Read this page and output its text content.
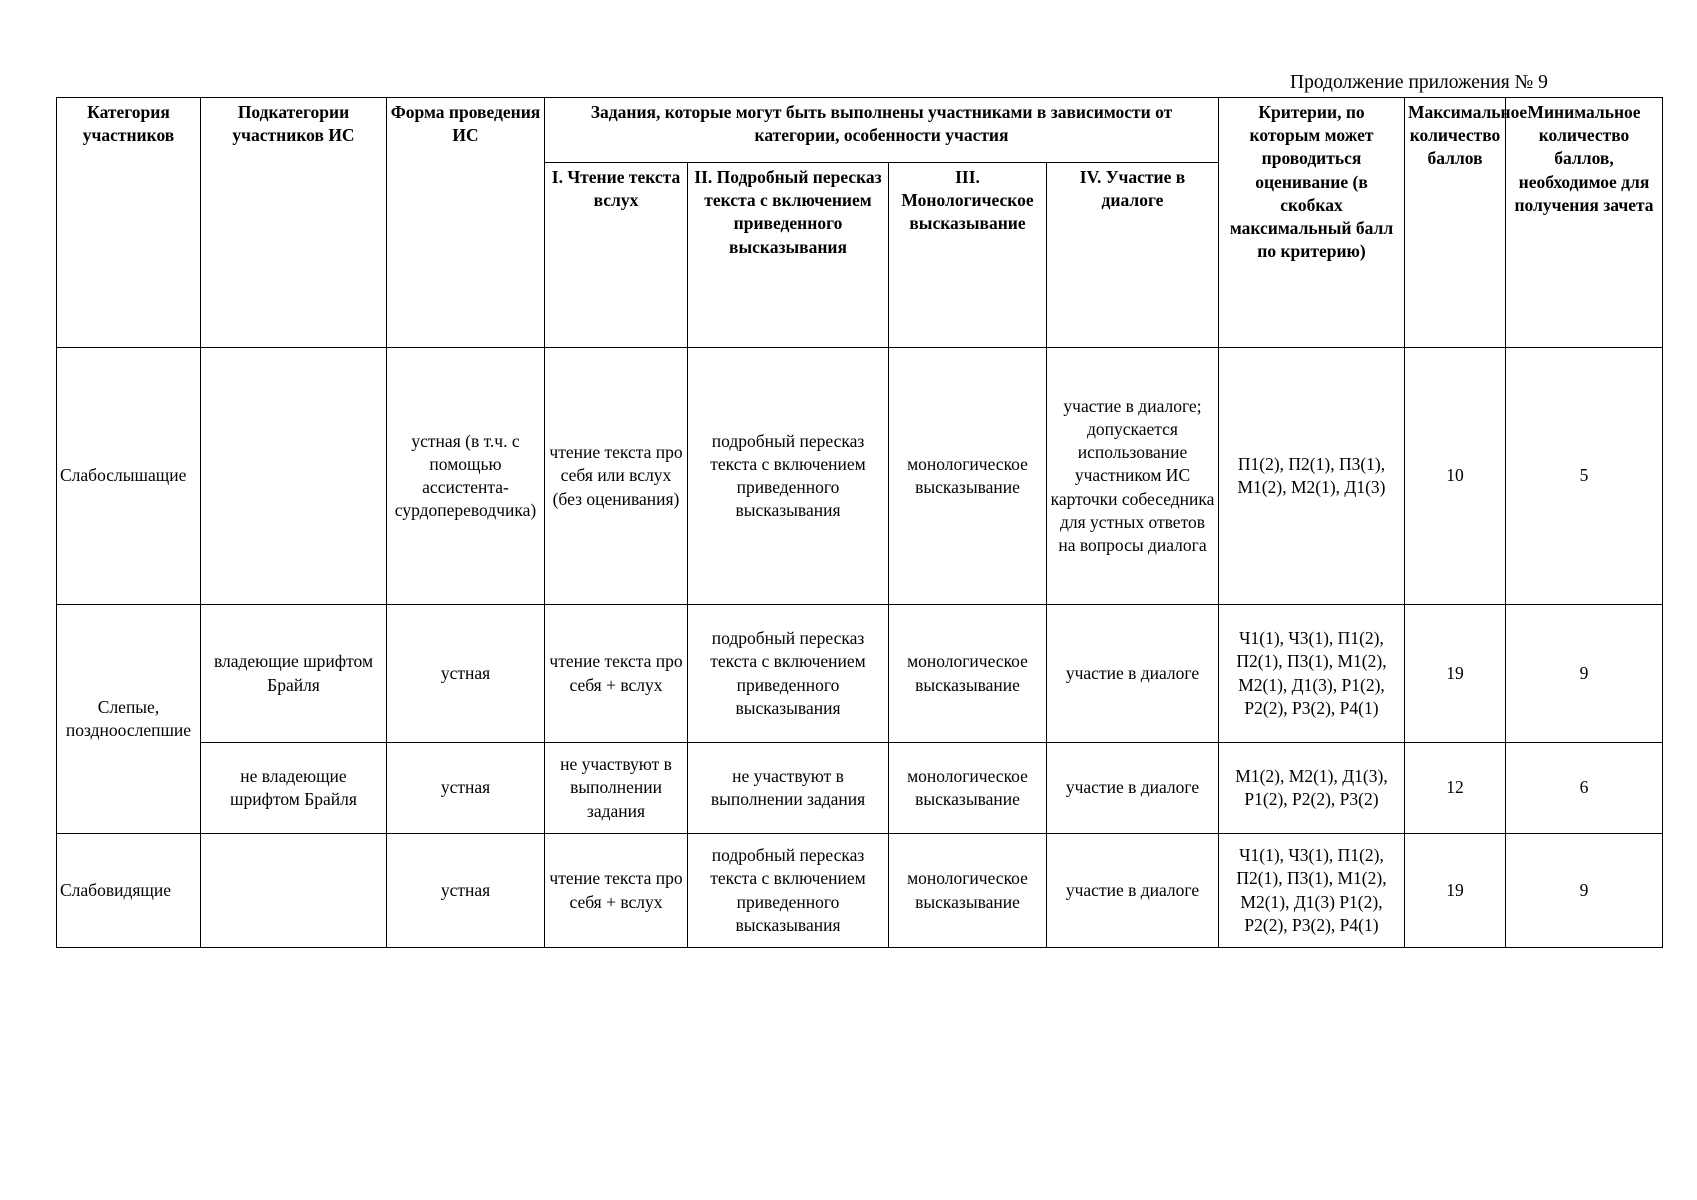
Продолжение приложения № 9
Категория участников	Подкатегории участников ИС	Форма проведения ИС	Задания, которые могут быть выполнены участниками в зависимости от категории, особенности участия				Критерии, по которым может проводиться оценивание (в скобках максимальный балл по критерию)	Максимальное количество баллов	Минимальное количество баллов, необходимое для получения зачета
			I. Чтение текста вслух	II. Подробный пересказ текста с включением приведенного высказывания	III. Монологическое высказывание	IV. Участие в диалоге			
Слабослышащие		устная (в т.ч. с помощью ассистента-сурдопереводчика)	чтение текста про себя или вслух (без оценивания)	подробный пересказ текста с включением приведенного высказывания	монологическое высказывание	участие в диалоге; допускается использование участником ИС карточки собеседника для устных ответов на вопросы диалога	П1(2), П2(1), П3(1), М1(2), М2(1), Д1(3)	10	5
Слепые, поздноослепшие	владеющие шрифтом Брайля	устная	чтение текста про себя + вслух	подробный пересказ текста с включением приведенного высказывания	монологическое высказывание	участие в диалоге	Ч1(1), Ч3(1), П1(2), П2(1), П3(1), М1(2), М2(1), Д1(3), Р1(2), Р2(2), Р3(2), Р4(1)	19	9
	не владеющие шрифтом Брайля	устная	не участвуют в выполнении задания	не участвуют в выполнении задания	монологическое высказывание	участие в диалоге	М1(2), М2(1), Д1(3), Р1(2), Р2(2), Р3(2)	12	6
Слабовидящие		устная	чтение текста про себя + вслух	подробный пересказ текста с включением приведенного высказывания	монологическое высказывание	участие в диалоге	Ч1(1), Ч3(1), П1(2), П2(1), П3(1), М1(2), М2(1), Д1(3) Р1(2), Р2(2), Р3(2), Р4(1)	19	9
